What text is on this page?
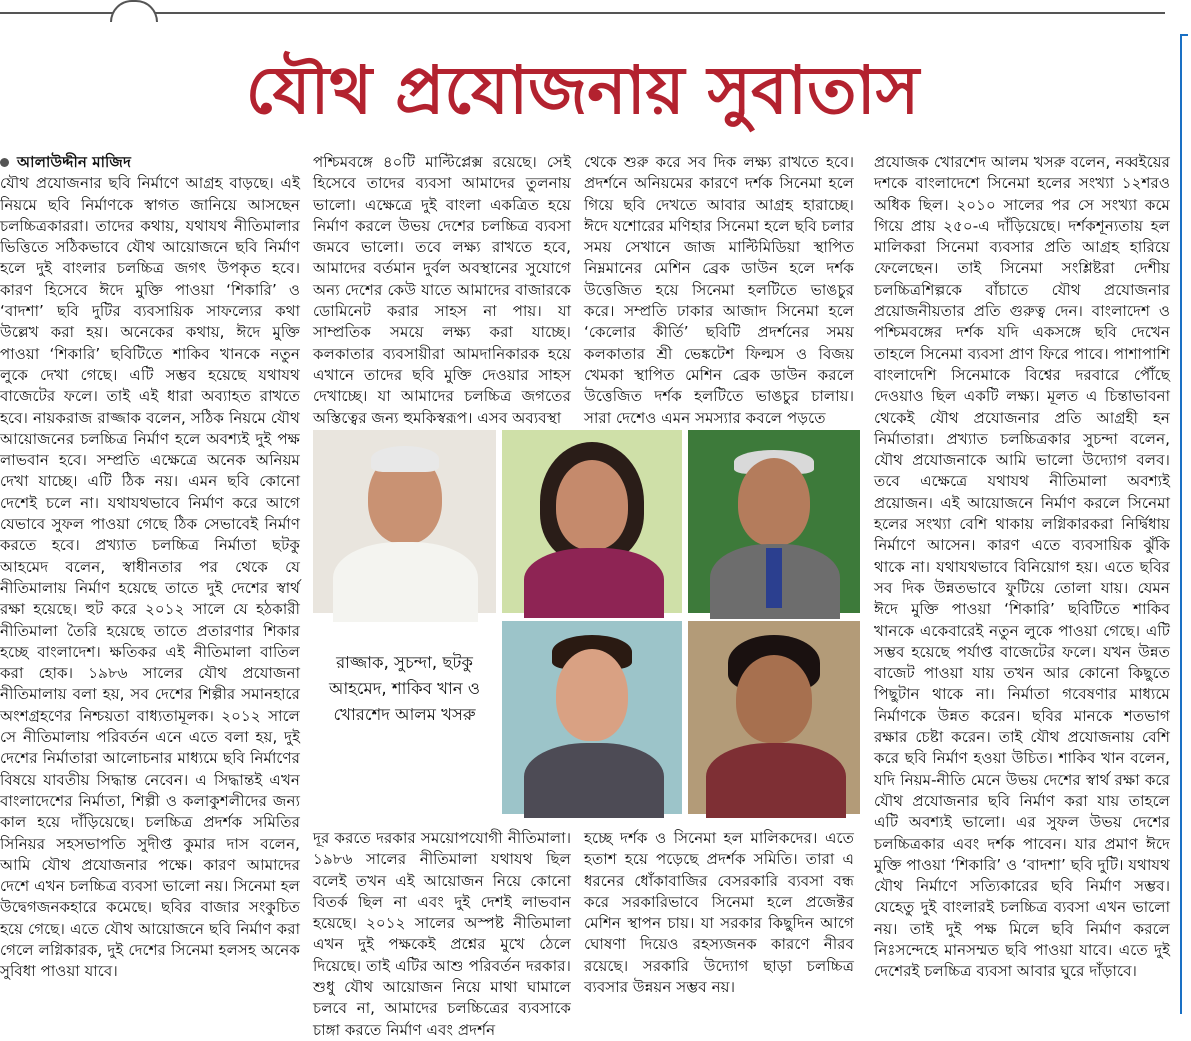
যৌথ প্রযোজনায় সুবাতাস
আলাউদ্দীন মাজিদ

যৌথ প্রযোজনার ছবি নির্মাণে আগ্রহ বাড়ছে। এই নিয়মে ছবি নির্মাণকে স্বাগত জানিয়ে আসছেন চলচ্চিত্রকাররা। তাদের কথায়, যথাযথ নীতিমালার ভিত্তিতে সঠিকভাবে যৌথ আয়োজনে ছবি নির্মাণ হলে দুই বাংলার চলচ্চিত্র জগৎ উপকৃত হবে। কারণ হিসেবে ঈদে মুক্তি পাওয়া ‘শিকারি’ ও ‘বাদশা’ ছবি দুটির ব্যবসায়িক সাফল্যের কথা উল্লেখ করা হয়। অনেকের কথায়, ঈদে মুক্তি পাওয়া ‘শিকারি’ ছবিটিতে শাকিব খানকে নতুন লুকে দেখা গেছে। এটি সম্ভব হয়েছে যথাযথ বাজেটের ফলে। তাই এই ধারা অব্যাহত রাখতে হবে। নায়করাজ রাজ্জাক বলেন, সঠিক নিয়মে যৌথ আয়োজনের চলচ্চিত্র নির্মাণ হলে অবশ্যই দুই পক্ষ লাভবান হবে। সম্প্রতি এক্ষেত্রে অনেক অনিয়ম দেখা যাচ্ছে। এটি ঠিক নয়। এমন ছবি কোনো দেশেই চলে না। যথাযথভাবে নির্মাণ করে আগে যেভাবে সুফল পাওয়া গেছে ঠিক সেভাবেই নির্মাণ করতে হবে। প্রখ্যাত চলচ্চিত্র নির্মাতা ছটকু আহমেদ বলেন, স্বাধীনতার পর থেকে যে নীতিমালায় নির্মাণ হয়েছে তাতে দুই দেশের স্বার্থ রক্ষা হয়েছে। হুট করে ২০১২ সালে যে হঠকারী নীতিমালা তৈরি হয়েছে তাতে প্রতারণার শিকার হচ্ছে বাংলাদেশ। ক্ষতিকর এই নীতিমালা বাতিল করা হোক। ১৯৮৬ সালের যৌথ প্রযোজনা নীতিমালায় বলা হয়, সব দেশের শিল্পীর সমানহারে অংশগ্রহণের নিশ্চয়তা বাধ্যতামূলক। ২০১২ সালে সে নীতিমালায় পরিবর্তন এনে এতে বলা হয়, দুই দেশের নির্মাতারা আলোচনার মাধ্যমে ছবি নির্মাণের বিষয়ে যাবতীয় সিদ্ধান্ত নেবেন। এ সিদ্ধান্তই এখন বাংলাদেশের নির্মাতা, শিল্পী ও কলাকুশলীদের জন্য কাল হয়ে দাঁড়িয়েছে। চলচ্চিত্র প্রদর্শক সমিতির সিনিয়র সহসভাপতি সুদীপ্ত কুমার দাস বলেন, আমি যৌথ প্রযোজনার পক্ষে। কারণ আমাদের দেশে এখন চলচ্চিত্র ব্যবসা ভালো নয়। সিনেমা হল উদ্বেগজনকহারে কমেছে। ছবির বাজার সংকুচিত হয়ে গেছে। এতে যৌথ আয়োজনে ছবি নির্মাণ করা গেলে লগ্নিকারক, দুই দেশের সিনেমা হলসহ অনেক সুবিধা পাওয়া যাবে।

পশ্চিমবঙ্গে ৪০টি মাল্টিপ্লেক্স রয়েছে। সেই হিসেবে তাদের ব্যবসা আমাদের তুলনায় ভালো। এক্ষেত্রে দুই বাংলা একত্রিত হয়ে নির্মাণ করলে উভয় দেশের চলচ্চিত্র ব্যবসা জমবে ভালো। তবে লক্ষ্য রাখতে হবে, আমাদের বর্তমান দুর্বল অবস্থানের সুযোগে অন্য দেশের কেউ যাতে আমাদের বাজারকে ডোমিনেট করার সাহস না পায়। যা সাম্প্রতিক সময়ে লক্ষ্য করা যাচ্ছে। কলকাতার ব্যবসায়ীরা আমদানিকারক হয়ে এখানে তাদের ছবি মুক্তি দেওয়ার সাহস দেখাচ্ছে। যা আমাদের চলচ্চিত্র জগতের অস্তিত্বের জন্য হুমকিস্বরূপ। এসব অব্যবস্থা

থেকে শুরু করে সব দিক লক্ষ্য রাখতে হবে। প্রদর্শনে অনিয়মের কারণে দর্শক সিনেমা হলে গিয়ে ছবি দেখতে আবার আগ্রহ হারাচ্ছে। ঈদে যশোরের মণিহার সিনেমা হলে ছবি চলার সময় সেখানে জাজ মাল্টিমিডিয়া স্থাপিত নিম্নমানের মেশিন ব্রেক ডাউন হলে দর্শক উত্তেজিত হয়ে সিনেমা হলটিতে ভাঙচুর করে। সম্প্রতি ঢাকার আজাদ সিনেমা হলে ‘কেলোর কীর্তি’ ছবিটি প্রদর্শনের সময় কলকাতার শ্রী ভেঙ্কটেশ ফিল্মস ও বিজয় খেমকা স্থাপিত মেশিন ব্রেক ডাউন করলে উত্তেজিত দর্শক হলটিতে ভাঙচুর চালায়। সারা দেশেও এমন সমস্যার কবলে পড়তে

প্রযোজক খোরশেদ আলম খসরু বলেন, নব্বইয়ের দশকে বাংলাদেশে সিনেমা হলের সংখ্যা ১২শরও অধিক ছিল। ২০১০ সালের পর সে সংখ্যা কমে গিয়ে প্রায় ২৫০-এ দাঁড়িয়েছে। দর্শকশূন্যতায় হল মালিকরা সিনেমা ব্যবসার প্রতি আগ্রহ হারিয়ে ফেলেছেন। তাই সিনেমা সংশ্লিষ্টরা দেশীয় চলচ্চিত্রশিল্পকে বাঁচাতে যৌথ প্রযোজনার প্রয়োজনীয়তার প্রতি গুরুত্ব দেন। বাংলাদেশ ও পশ্চিমবঙ্গের দর্শক যদি একসঙ্গে ছবি দেখেন তাহলে সিনেমা ব্যবসা প্রাণ ফিরে পাবে। পাশাপাশি বাংলাদেশি সিনেমাকে বিশ্বের দরবারে পৌঁছে দেওয়াও ছিল একটি লক্ষ্য। মূলত এ চিন্তাভাবনা থেকেই যৌথ প্রযোজনার প্রতি আগ্রহী হন নির্মাতারা। প্রখ্যাত চলচ্চিত্রকার সুচন্দা বলেন, যৌথ প্রযোজনাকে আমি ভালো উদ্যোগ বলব। তবে এক্ষেত্রে যথাযথ নীতিমালা অবশ্যই প্রয়োজন। এই আয়োজনে নির্মাণ করলে সিনেমা হলের সংখ্যা বেশি থাকায় লগ্নিকারকরা নির্দ্বিধায় নির্মাণে আসেন। কারণ এতে ব্যবসায়িক ঝুঁকি থাকে না। যথাযথভাবে বিনিয়োগ হয়। এতে ছবির সব দিক উন্নতভাবে ফুটিয়ে তোলা যায়। যেমন ঈদে মুক্তি পাওয়া ‘শিকারি’ ছবিটিতে শাকিব খানকে একেবারেই নতুন লুকে পাওয়া গেছে। এটি সম্ভব হয়েছে পর্যাপ্ত বাজেটের ফলে। যখন উন্নত বাজেট পাওয়া যায় তখন আর কোনো কিছুতে পিছুটান থাকে না। নির্মাতা গবেষণার মাধ্যমে নির্মাণকে উন্নত করেন। ছবির মানকে শতভাগ রক্ষার চেষ্টা করেন। তাই যৌথ প্রযোজনায় বেশি করে ছবি নির্মাণ হওয়া উচিত। শাকিব খান বলেন, যদি নিয়ম-নীতি মেনে উভয় দেশের স্বার্থ রক্ষা করে যৌথ প্রযোজনার ছবি নির্মাণ করা যায় তাহলে এটি অবশ্যই ভালো। এর সুফল উভয় দেশের চলচ্চিত্রকার এবং দর্শক পাবেন। যার প্রমাণ ঈদে মুক্তি পাওয়া ‘শিকারি’ ও ‘বাদশা’ ছবি দুটি। যথাযথ যৌথ নির্মাণে সত্যিকারের ছবি নির্মাণ সম্ভব। যেহেতু দুই বাংলারই চলচ্চিত্র ব্যবসা এখন ভালো নয়। তাই দুই পক্ষ মিলে ছবি নির্মাণ করলে নিঃসন্দেহে মানসম্মত ছবি পাওয়া যাবে। এতে দুই দেশেরই চলচ্চিত্র ব্যবসা আবার ঘুরে দাঁড়াবে।

রাজ্জাক, সুচন্দা, ছটকু আহমেদ, শাকিব খান ও খোরশেদ আলম খসরু

দূর করতে দরকার সময়োপযোগী নীতিমালা। ১৯৮৬ সালের নীতিমালা যথাযথ ছিল বলেই তখন এই আয়োজন নিয়ে কোনো বিতর্ক ছিল না এবং দুই দেশই লাভবান হয়েছে। ২০১২ সালের অস্পষ্ট নীতিমালা এখন দুই পক্ষকেই প্রশ্নের মুখে ঠেলে দিয়েছে। তাই এটির আশু পরিবর্তন দরকার। শুধু যৌথ আয়োজন নিয়ে মাথা ঘামালে চলবে না, আমাদের চলচ্চিত্রের ব্যবসাকে চাঙ্গা করতে নির্মাণ এবং প্রদর্শন

হচ্ছে দর্শক ও সিনেমা হল মালিকদের। এতে হতাশ হয়ে পড়েছে প্রদর্শক সমিতি। তারা এ ধরনের ধোঁকাবাজির বেসরকারি ব্যবসা বন্ধ করে সরকারিভাবে সিনেমা হলে প্রজেক্টর মেশিন স্থাপন চায়। যা সরকার কিছুদিন আগে ঘোষণা দিয়েও রহস্যজনক কারণে নীরব রয়েছে। সরকারি উদ্যোগ ছাড়া চলচ্চিত্র ব্যবসার উন্নয়ন সম্ভব নয়।
